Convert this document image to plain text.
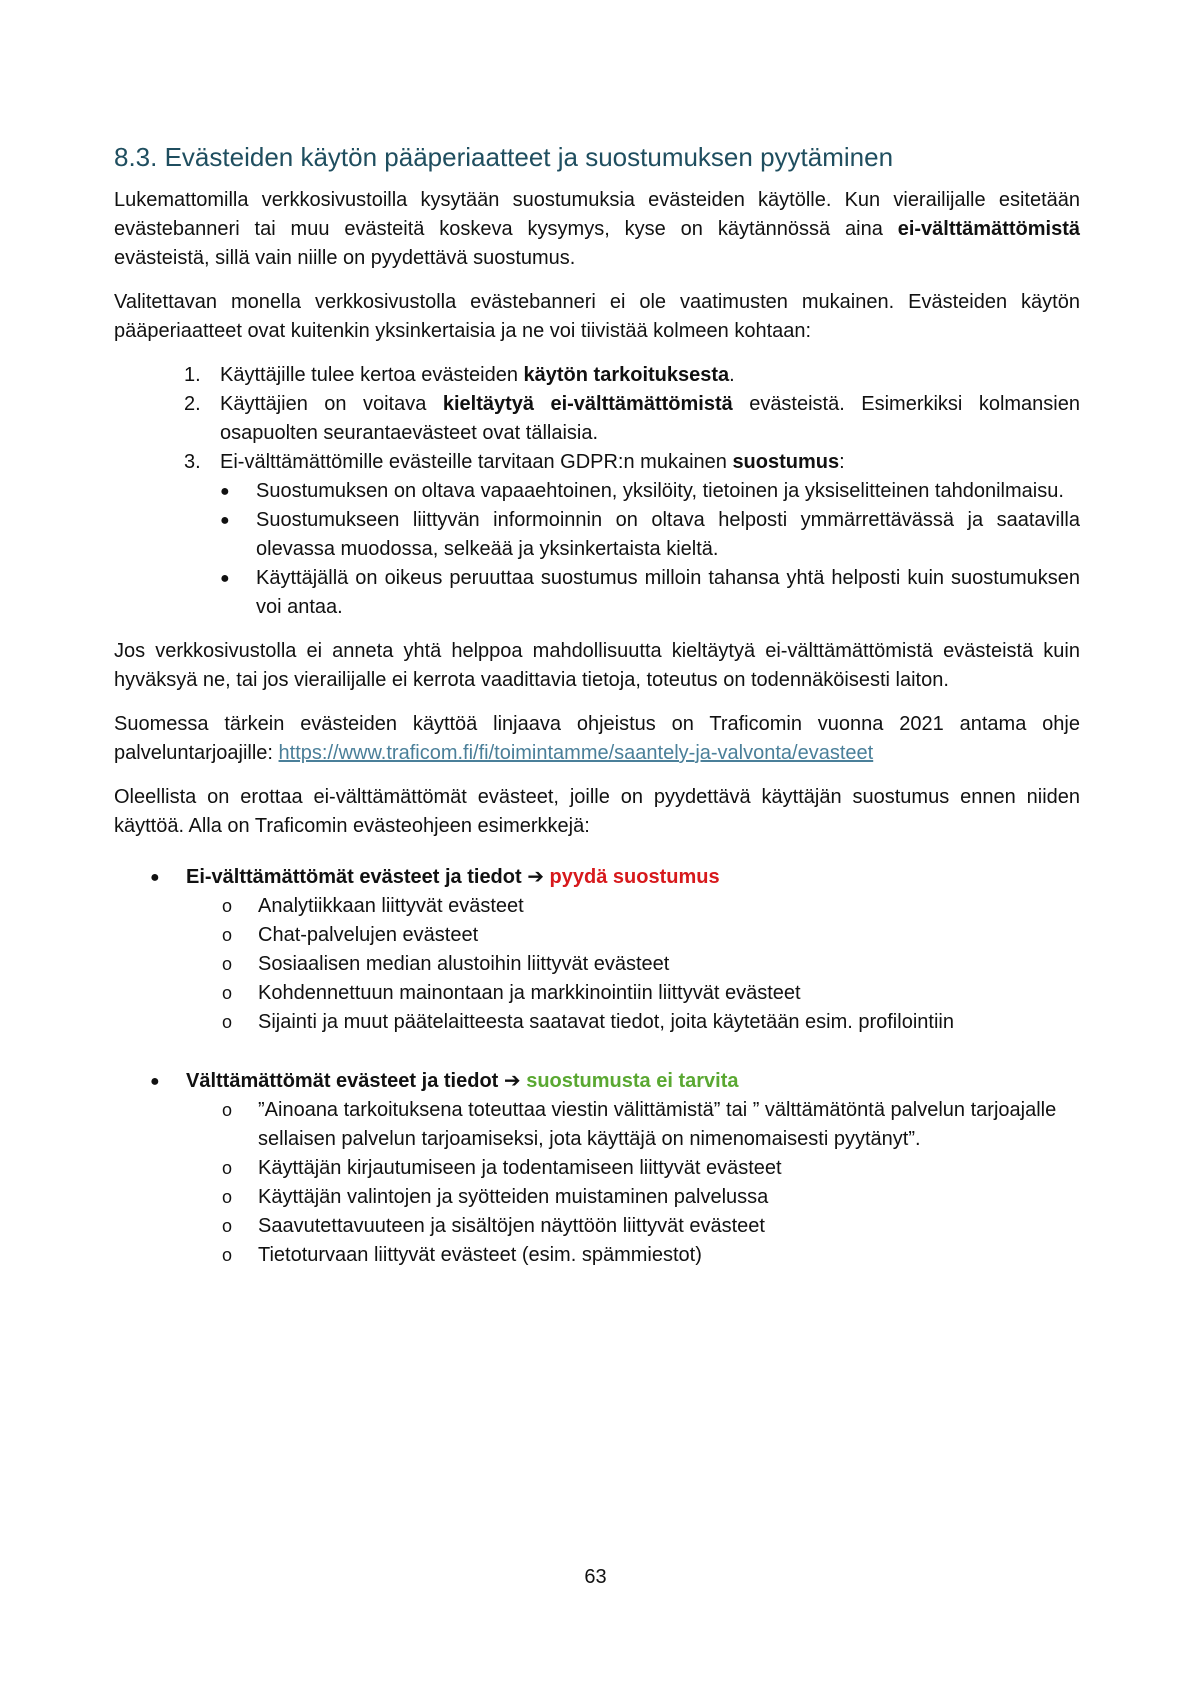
8.3. Evästeiden käytön pääperiaatteet ja suostumuksen pyytäminen

Lukemattomilla verkkosivustoilla kysytään suostumuksia evästeiden käytölle. Kun vierailijalle esitetään evästebanneri tai muu evästeitä koskeva kysymys, kyse on käytännössä aina ei-välttämättömistä evästeistä, sillä vain niille on pyydettävä suostumus.

Valitettavan monella verkkosivustolla evästebanneri ei ole vaatimusten mukainen. Evästeiden käytön pääperiaatteet ovat kuitenkin yksinkertaisia ja ne voi tiivistää kolmeen kohtaan:

1. Käyttäjille tulee kertoa evästeiden käytön tarkoituksesta.
2. Käyttäjien on voitava kieltäytyä ei-välttämättömistä evästeistä. Esimerkiksi kolmansien osapuolten seurantaevästeet ovat tällaisia.
3. Ei-välttämättömille evästeille tarvitaan GDPR:n mukainen suostumus:
●	Suostumuksen on oltava vapaaehtoinen, yksilöity, tietoinen ja yksiselitteinen tahdonilmaisu.
●	Suostumukseen liittyvän informoinnin on oltava helposti ymmärrettävässä ja saatavilla olevassa muodossa, selkeää ja yksinkertaista kieltä.
●	Käyttäjällä on oikeus peruuttaa suostumus milloin tahansa yhtä helposti kuin suostumuksen voi antaa.

Jos verkkosivustolla ei anneta yhtä helppoa mahdollisuutta kieltäytyä ei-välttämättömistä evästeistä kuin hyväksyä ne, tai jos vierailijalle ei kerrota vaadittavia tietoja, toteutus on todennäköisesti laiton.

Suomessa tärkein evästeiden käyttöä linjaava ohjeistus on Traficomin vuonna 2021 antama ohje palveluntarjoajille: https://www.traficom.fi/fi/toimintamme/saantely-ja-valvonta/evasteet

Oleellista on erottaa ei-välttämättömät evästeet, joille on pyydettävä käyttäjän suostumus ennen niiden käyttöä. Alla on Traficomin evästeohjeen esimerkkejä:

●	Ei-välttämättömät evästeet ja tiedot ➔ pyydä suostumus
o	Analytiikkaan liittyvät evästeet
o	Chat-palvelujen evästeet
o	Sosiaalisen median alustoihin liittyvät evästeet
o	Kohdennettuun mainontaan ja markkinointiin liittyvät evästeet
o	Sijainti ja muut päätelaitteesta saatavat tiedot, joita käytetään esim. profilointiin
●	Välttämättömät evästeet ja tiedot ➔ suostumusta ei tarvita
o	”Ainoana tarkoituksena toteuttaa viestin välittämistä” tai ” välttämätöntä palvelun tarjoajalle sellaisen palvelun tarjoamiseksi, jota käyttäjä on nimenomaisesti pyytänyt”.
o	Käyttäjän kirjautumiseen ja todentamiseen liittyvät evästeet
o	Käyttäjän valintojen ja syötteiden muistaminen palvelussa
o	Saavutettavuuteen ja sisältöjen näyttöön liittyvät evästeet
o	Tietoturvaan liittyvät evästeet (esim. spämmiestot)
63
